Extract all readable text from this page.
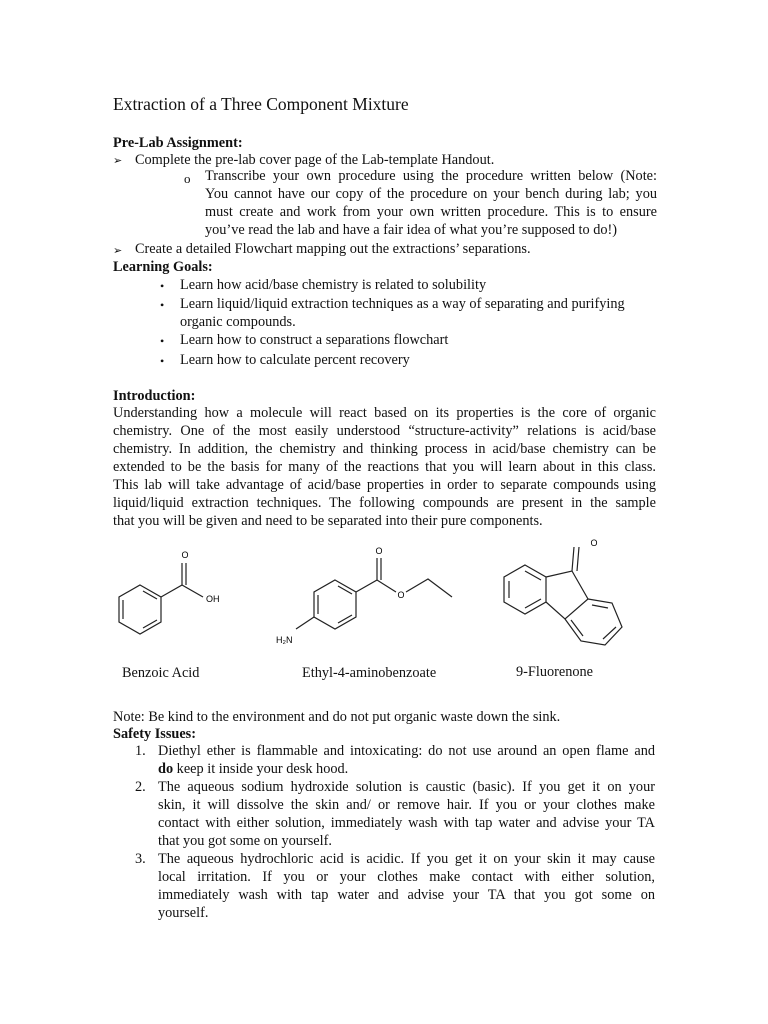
Extraction of a Three Component Mixture
Pre-Lab Assignment:
➢ Complete the pre-lab cover page of the Lab-template Handout.
o Transcribe your own procedure using the procedure written below (Note:
You cannot have our copy of the procedure on your bench during lab; you
must create and work from your own written procedure. This is to ensure
you’ve read the lab and have a fair idea of what you’re supposed to do!)
➢ Create a detailed Flowchart mapping out the extractions’ separations.
Learning Goals:
• Learn how acid/base chemistry is related to solubility
• Learn liquid/liquid extraction techniques as a way of separating and purifying
organic compounds.
• Learn how to construct a separations flowchart
• Learn how to calculate percent recovery
Introduction:
Understanding how a molecule will react based on its properties is the core of organic
chemistry. One of the most easily understood “structure-activity” relations is acid/base
chemistry. In addition, the chemistry and thinking process in acid/base chemistry can be
extended to be the basis for many of the reactions that you will learn about in this class.
This lab will take advantage of acid/base properties in order to separate compounds using
liquid/liquid extraction techniques. The following compounds are present in the sample
that you will be given and need to be separated into their pure components.
O
OH
O
O
H₂N
O
Benzoic Acid	Ethyl-4-aminobenzoate	9-Fluorenone
Note: Be kind to the environment and do not put organic waste down the sink.
Safety Issues:
1. Diethyl ether is flammable and intoxicating: do not use around an open flame and
do keep it inside your desk hood.
2. The aqueous sodium hydroxide solution is caustic (basic). If you get it on your
skin, it will dissolve the skin and/ or remove hair. If you or your clothes make
contact with either solution, immediately wash with tap water and advise your TA
that you got some on yourself.
3. The aqueous hydrochloric acid is acidic. If you get it on your skin it may cause
local irritation. If you or your clothes make contact with either solution,
immediately wash with tap water and advise your TA that you got some on
yourself.
